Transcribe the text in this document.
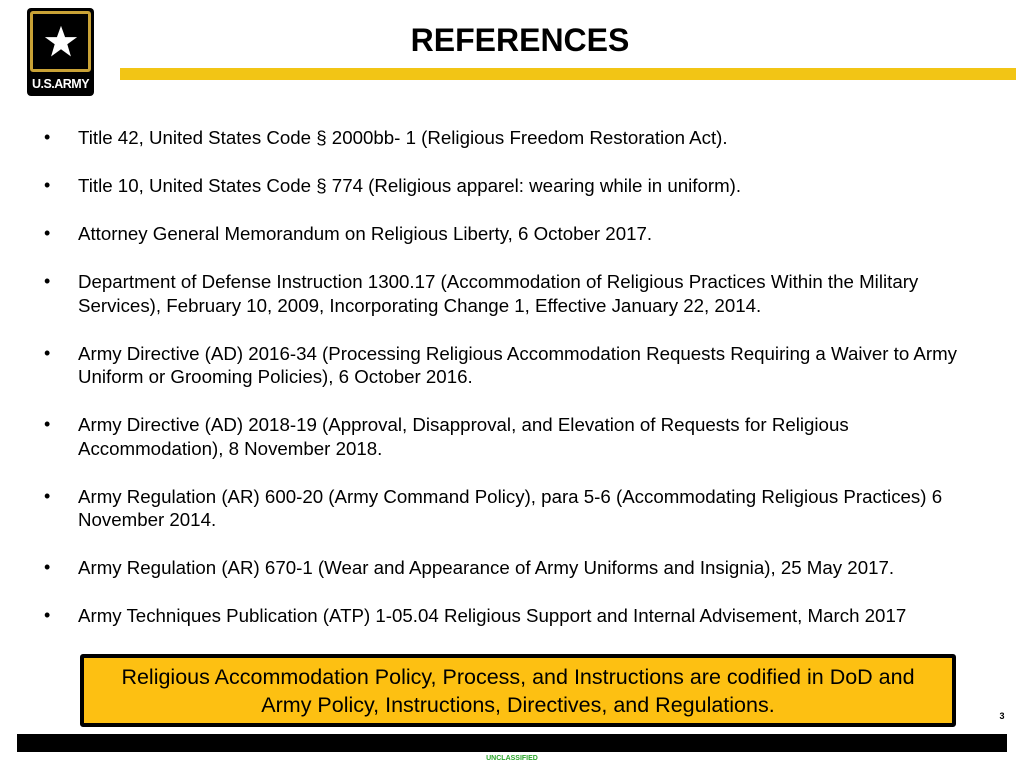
U.S.ARMY
REFERENCES
• Title 42, United States Code § 2000bb- 1 (Religious Freedom Restoration Act).
• Title 10, United States Code § 774 (Religious apparel: wearing while in uniform).
• Attorney General Memorandum on Religious Liberty, 6 October 2017.
• Department of Defense Instruction 1300.17 (Accommodation of Religious Practices Within the Military Services), February 10, 2009, Incorporating Change 1, Effective January 22, 2014.
• Army Directive (AD) 2016-34 (Processing Religious Accommodation Requests Requiring a Waiver to Army Uniform or Grooming Policies), 6 October 2016.
• Army Directive (AD) 2018-19 (Approval, Disapproval, and Elevation of Requests for Religious Accommodation), 8 November 2018.
• Army Regulation (AR) 600-20 (Army Command Policy), para 5-6 (Accommodating Religious Practices) 6 November 2014.
• Army Regulation (AR) 670-1 (Wear and Appearance of Army Uniforms and Insignia), 25 May 2017.
• Army Techniques Publication (ATP) 1-05.04 Religious Support and Internal Advisement, March 2017
Religious Accommodation Policy, Process, and Instructions are codified in DoD and Army Policy, Instructions, Directives, and Regulations.	3
UNCLASSIFIED
